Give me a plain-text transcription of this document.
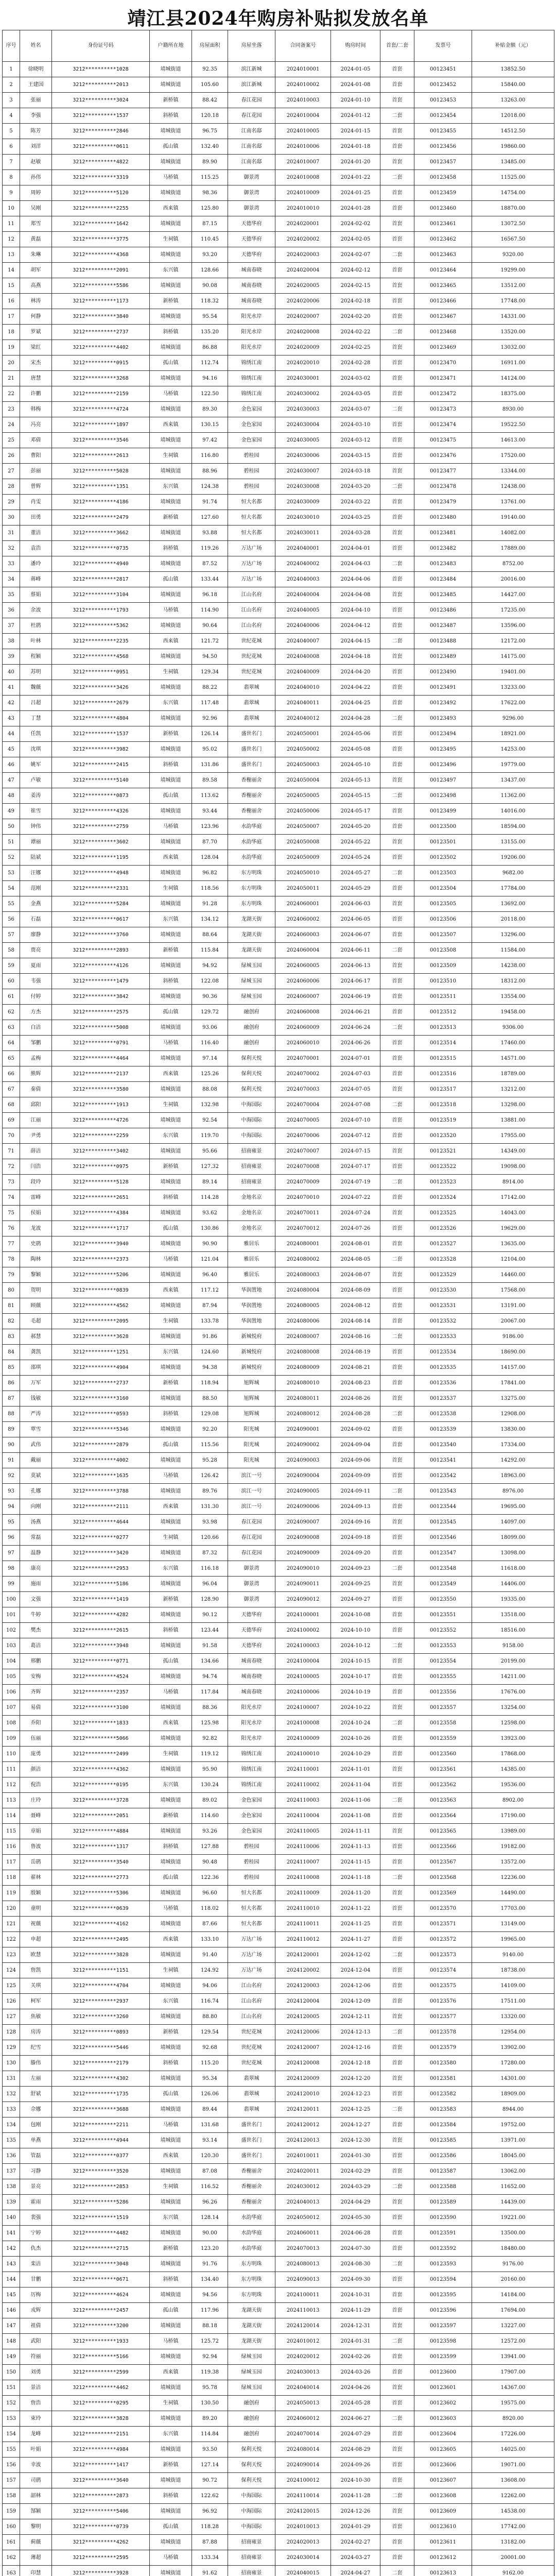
靖江县2024年购房补贴拟发放名单
序号	姓名	身份证号码	户籍所在地	房屋面积	房屋坐落	合同备案号	购房时间	首套/二套	发票号	补贴金额（元）
1	徐晓明	3212**********1028	靖城街道	92.35	滨江新城	2024010001	2024-01-05	首套	00123451	13852.50
2	王建国	3212**********2013	靖城街道	105.60	滨江新城	2024010002	2024-01-08	首套	00123452	15840.00
3	张丽	3212**********3024	新桥镇	88.42	春江花园	2024010003	2024-01-10	首套	00123453	13263.00
4	李强	3212**********1537	斜桥镇	120.18	春江花园	2024010004	2024-01-12	二套	00123454	12018.00
5	陈芳	3212**********2846	靖城街道	96.75	江南名邸	2024010005	2024-01-15	首套	00123455	14512.50
6	刘洋	3212**********0611	孤山镇	132.40	江南名邸	2024010006	2024-01-18	首套	00123456	19860.00
7	赵敏	3212**********4822	靖城街道	89.90	江南名邸	2024010007	2024-01-20	首套	00123457	13485.00
8	孙伟	3212**********3319	马桥镇	115.25	御景湾	2024010008	2024-01-22	二套	00123458	11525.00
9	周婷	3212**********5120	靖城街道	98.36	御景湾	2024010009	2024-01-25	首套	00123459	14754.00
10	吴刚	3212**********2255	西来镇	125.80	御景湾	2024010010	2024-01-28	首套	00123460	18870.00
11	郑雪	3212**********1642	靖城街道	87.15	天德华府	2024020001	2024-02-02	首套	00123461	13072.50
12	黄磊	3212**********3775	生祠镇	110.45	天德华府	2024020002	2024-02-05	首套	00123462	16567.50
13	朱琳	3212**********4368	靖城街道	93.20	天德华府	2024020003	2024-02-07	二套	00123463	9320.00
14	胡军	3212**********2091	东兴镇	128.66	城南春晓	2024020004	2024-02-12	首套	00123464	19299.00
15	高燕	3212**********5586	靖城街道	90.08	城南春晓	2024020005	2024-02-15	首套	00123465	13512.00
16	林涛	3212**********1173	新桥镇	118.32	城南春晓	2024020006	2024-02-18	首套	00123466	17748.00
17	何静	3212**********3840	靖城街道	95.54	阳光水岸	2024020007	2024-02-20	首套	00123467	14331.00
18	罗斌	3212**********2737	斜桥镇	135.20	阳光水岸	2024020008	2024-02-22	二套	00123468	13520.00
19	梁红	3212**********4402	靖城街道	86.88	阳光水岸	2024020009	2024-02-25	首套	00123469	13032.00
20	宋杰	3212**********0915	孤山镇	112.74	锦绣江南	2024020010	2024-02-28	首套	00123470	16911.00
21	唐慧	3212**********3268	靖城街道	94.16	锦绣江南	2024030001	2024-03-02	首套	00123471	14124.00
22	许鹏	3212**********2159	马桥镇	122.50	锦绣江南	2024030002	2024-03-05	首套	00123472	18375.00
23	韩梅	3212**********4724	靖城街道	89.30	金色家园	2024030003	2024-03-07	二套	00123473	8930.00
24	冯亮	3212**********1897	西来镇	130.15	金色家园	2024030004	2024-03-10	首套	00123474	19522.50
25	邓倩	3212**********3546	靖城街道	97.42	金色家园	2024030005	2024-03-12	首套	00123475	14613.00
26	曹阳	3212**********2613	生祠镇	116.80	碧桂园	2024030006	2024-03-15	首套	00123476	17520.00
27	彭丽	3212**********5028	靖城街道	88.96	碧桂园	2024030007	2024-03-18	首套	00123477	13344.00
28	曾辉	3212**********1351	东兴镇	124.38	碧桂园	2024030008	2024-03-20	二套	00123478	12438.00
29	肖雯	3212**********4186	靖城街道	91.74	恒大名都	2024030009	2024-03-22	首套	00123479	13761.00
30	田勇	3212**********2479	新桥镇	127.60	恒大名都	2024030010	2024-03-25	首套	00123480	19140.00
31	董洁	3212**********3662	靖城街道	93.88	恒大名都	2024030011	2024-03-28	首套	00123481	14082.00
32	袁浩	3212**********0735	斜桥镇	119.26	万达广场	2024040001	2024-04-01	首套	00123482	17889.00
33	潘玲	3212**********4940	靖城街道	87.52	万达广场	2024040002	2024-04-03	二套	00123483	8752.00
34	蒋峰	3212**********2817	孤山镇	133.44	万达广场	2024040003	2024-04-06	首套	00123484	20016.00
35	蔡娟	3212**********3104	靖城街道	96.18	江山名府	2024040004	2024-04-08	首套	00123485	14427.00
36	余波	3212**********1793	马桥镇	114.90	江山名府	2024040005	2024-04-10	首套	00123486	17235.00
37	杜鹃	3212**********5362	靖城街道	90.64	江山名府	2024040006	2024-04-12	首套	00123487	13596.00
38	叶林	3212**********2235	西来镇	121.72	世纪花城	2024040007	2024-04-15	二套	00123488	12172.00
39	程颖	3212**********4568	靖城街道	94.50	世纪花城	2024040008	2024-04-18	首套	00123489	14175.00
40	苏明	3212**********0951	生祠镇	129.34	世纪花城	2024040009	2024-04-20	首套	00123490	19401.00
41	魏薇	3212**********3426	靖城街道	88.22	翡翠城	2024040010	2024-04-22	首套	00123491	13233.00
42	吕超	3212**********2679	东兴镇	117.48	翡翠城	2024040011	2024-04-25	首套	00123492	17622.00
43	丁慧	3212**********4804	靖城街道	92.96	翡翠城	2024040012	2024-04-28	二套	00123493	9296.00
44	任凯	3212**********1537	新桥镇	126.14	盛世名门	2024050001	2024-05-06	首套	00123494	18921.00
45	沈琪	3212**********3982	靖城街道	95.02	盛世名门	2024050002	2024-05-08	首套	00123495	14253.00
46	姚军	3212**********2415	斜桥镇	131.86	盛世名门	2024050003	2024-05-10	首套	00123496	19779.00
47	卢敏	3212**********5140	靖城街道	89.58	香榭丽舍	2024050004	2024-05-13	首套	00123497	13437.00
48	姜涛	3212**********0873	孤山镇	113.62	香榭丽舍	2024050005	2024-05-15	二套	00123498	11362.00
49	崔雪	3212**********4326	靖城街道	93.44	香榭丽舍	2024050006	2024-05-17	首套	00123499	14016.00
50	钟伟	3212**********2759	马桥镇	123.96	水韵华庭	2024050007	2024-05-20	首套	00123500	18594.00
51	谭丽	3212**********3602	靖城街道	87.70	水韵华庭	2024050008	2024-05-22	首套	00123501	13155.00
52	陆斌	3212**********1195	西来镇	128.04	水韵华庭	2024050009	2024-05-24	首套	00123502	19206.00
53	汪娜	3212**********4948	靖城街道	96.82	东方明珠	2024050010	2024-05-27	二套	00123503	9682.00
54	范刚	3212**********2331	生祠镇	118.56	东方明珠	2024050011	2024-05-29	首套	00123504	17784.00
55	金燕	3212**********5284	靖城街道	91.28	东方明珠	2024060001	2024-06-03	首套	00123505	13692.00
56	石磊	3212**********0617	东兴镇	134.12	龙湖天街	2024060002	2024-06-05	首套	00123506	20118.00
57	廖静	3212**********3760	靖城街道	88.64	龙湖天街	2024060003	2024-06-07	首套	00123507	13296.00
58	贾亮	3212**********2893	新桥镇	115.84	龙湖天街	2024060004	2024-06-11	二套	00123508	11584.00
59	夏雨	3212**********4126	靖城街道	94.92	绿城玉园	2024060005	2024-06-13	首套	00123509	14238.00
60	韦强	3212**********1479	斜桥镇	122.08	绿城玉园	2024060006	2024-06-17	首套	00123510	18312.00
61	付婷	3212**********3842	靖城街道	90.36	绿城玉园	2024060007	2024-06-19	首套	00123511	13554.00
62	方杰	3212**********2575	孤山镇	129.72	融创府	2024060008	2024-06-21	首套	00123512	19458.00
63	白洁	3212**********5008	靖城街道	93.06	融创府	2024060009	2024-06-24	二套	00123513	9306.00
64	邹鹏	3212**********0791	马桥镇	116.40	融创府	2024060010	2024-06-26	首套	00123514	17460.00
65	孟梅	3212**********4464	靖城街道	97.14	保利天悦	2024070001	2024-07-01	首套	00123515	14571.00
66	熊辉	3212**********2137	西来镇	125.26	保利天悦	2024070002	2024-07-03	首套	00123516	18789.00
67	秦倩	3212**********3580	靖城街道	88.08	保利天悦	2024070003	2024-07-05	首套	00123517	13212.00
68	邱阳	3212**********1913	生祠镇	132.98	中海国际	2024070004	2024-07-08	二套	00123518	13298.00
69	江丽	3212**********4726	靖城街道	92.54	中海国际	2024070005	2024-07-10	首套	00123519	13881.00
70	尹勇	3212**********2259	东兴镇	119.70	中海国际	2024070006	2024-07-12	首套	00123520	17955.00
71	薛洁	3212**********3402	靖城街道	95.66	招商雍景	2024070007	2024-07-15	首套	00123521	14349.00
72	闫浩	3212**********0975	新桥镇	127.32	招商雍景	2024070008	2024-07-17	首套	00123522	19098.00
73	段玲	3212**********5128	靖城街道	89.14	招商雍景	2024070009	2024-07-19	二套	00123523	8914.00
74	雷峰	3212**********2651	斜桥镇	114.28	金地名京	2024070010	2024-07-22	首套	00123524	17142.00
75	侯娟	3212**********4384	靖城街道	93.62	金地名京	2024070011	2024-07-24	首套	00123525	14043.00
76	龙波	3212**********1717	孤山镇	130.86	金地名京	2024070012	2024-07-26	首套	00123526	19629.00
77	史鹃	3212**********3940	靖城街道	90.90	雅居乐	2024080001	2024-08-01	首套	00123527	13635.00
78	陶林	3212**********2373	马桥镇	121.04	雅居乐	2024080002	2024-08-05	二套	00123528	12104.00
79	黎颖	3212**********5206	靖城街道	96.40	雅居乐	2024080003	2024-08-07	首套	00123529	14460.00
80	贺明	3212**********0839	西来镇	117.12	华润置地	2024080004	2024-08-09	首套	00123530	17568.00
81	顾薇	3212**********4562	靖城街道	87.94	华润置地	2024080005	2024-08-12	首套	00123531	13191.00
82	毛超	3212**********2095	生祠镇	133.78	华润置地	2024080006	2024-08-14	首套	00123532	20067.00
83	郝慧	3212**********3628	靖城街道	91.86	新城悦府	2024080007	2024-08-16	二套	00123533	9186.00
84	龚凯	3212**********1251	东兴镇	124.60	新城悦府	2024080008	2024-08-19	首套	00123534	18690.00
85	邵琪	3212**********4904	靖城街道	94.38	新城悦府	2024080009	2024-08-21	首套	00123535	14157.00
86	万军	3212**********2737	新桥镇	118.94	旭辉城	2024080010	2024-08-23	首套	00123536	17841.00
87	钱敏	3212**********3160	靖城街道	88.50	旭辉城	2024080011	2024-08-26	首套	00123537	13275.00
88	严涛	3212**********0593	斜桥镇	129.08	旭辉城	2024080012	2024-08-28	二套	00123538	12908.00
89	覃雪	3212**********5346	靖城街道	92.20	阳光城	2024090001	2024-09-02	首套	00123539	13830.00
90	武伟	3212**********2879	孤山镇	115.56	阳光城	2024090002	2024-09-04	首套	00123540	17334.00
91	戴丽	3212**********4002	靖城街道	95.28	阳光城	2024090003	2024-09-06	首套	00123541	14292.00
92	莫斌	3212**********1635	马桥镇	126.42	滨江一号	2024090004	2024-09-09	首套	00123542	18963.00
93	孔娜	3212**********3788	靖城街道	89.76	滨江一号	2024090005	2024-09-11	二套	00123543	8976.00
94	向刚	3212**********2111	西来镇	131.30	滨江一号	2024090006	2024-09-13	首套	00123544	19695.00
95	汤燕	3212**********4644	靖城街道	93.98	春江花园	2024090007	2024-09-16	首套	00123545	14097.00
96	常磊	3212**********0277	生祠镇	120.66	春江花园	2024090008	2024-09-18	首套	00123546	18099.00
97	温静	3212**********3420	靖城街道	87.32	春江花园	2024090009	2024-09-20	首套	00123547	13098.00
98	康亮	3212**********2953	东兴镇	116.18	御景湾	2024090010	2024-09-23	二套	00123548	11618.00
99	施雨	3212**********5186	靖城街道	96.04	御景湾	2024090011	2024-09-25	首套	00123549	14406.00
100	文强	3212**********1419	新桥镇	128.90	御景湾	2024090012	2024-09-27	首套	00123550	19335.00
101	牛婷	3212**********4282	靖城街道	90.12	天德华府	2024100001	2024-10-08	首套	00123551	13518.00
102	樊杰	3212**********2615	斜桥镇	123.44	天德华府	2024100002	2024-10-10	首套	00123552	18516.00
103	葛洁	3212**********3948	靖城街道	91.58	天德华府	2024100003	2024-10-12	二套	00123553	9158.00
104	邢鹏	3212**********0771	孤山镇	134.66	城南春晓	2024100004	2024-10-15	首套	00123554	20199.00
105	安梅	3212**********4524	靖城街道	94.74	城南春晓	2024100005	2024-10-17	首套	00123555	14211.00
106	齐辉	3212**********2357	马桥镇	117.84	城南春晓	2024100006	2024-10-19	首套	00123556	17676.00
107	易倩	3212**********3100	靖城街道	88.36	阳光水岸	2024100007	2024-10-22	首套	00123557	13254.00
108	乔阳	3212**********1833	西来镇	125.98	阳光水岸	2024100008	2024-10-24	二套	00123558	12598.00
109	伍丽	3212**********5066	靖城街道	92.82	阳光水岸	2024100009	2024-10-26	首套	00123559	13923.00
110	庞勇	3212**********2499	生祠镇	119.12	锦绣江南	2024100010	2024-10-29	首套	00123560	17868.00
111	颜洁	3212**********4362	靖城街道	95.90	锦绣江南	2024110001	2024-11-01	首套	00123561	14385.00
112	倪浩	3212**********0195	东兴镇	130.24	锦绣江南	2024110002	2024-11-04	首套	00123562	19536.00
113	庄玲	3212**********3728	靖城街道	89.02	金色家园	2024110003	2024-11-06	二套	00123563	8902.00
114	聂峰	3212**********2051	新桥镇	114.60	金色家园	2024110004	2024-11-08	首套	00123564	17190.00
115	章娟	3212**********4884	靖城街道	93.26	金色家园	2024110005	2024-11-11	首套	00123565	13989.00
116	鲁波	3212**********1317	斜桥镇	127.88	碧桂园	2024110006	2024-11-13	首套	00123566	19182.00
117	岳鹃	3212**********3540	靖城街道	90.48	碧桂园	2024110007	2024-11-15	首套	00123567	13572.00
118	翟林	3212**********2773	孤山镇	122.36	碧桂园	2024110008	2024-11-18	二套	00123568	12236.00
119	殷颖	3212**********5306	靖城街道	96.60	恒大名都	2024110009	2024-11-20	首套	00123569	14490.00
120	童明	3212**********0639	马桥镇	118.02	恒大名都	2024110010	2024-11-22	首套	00123570	17703.00
121	祝薇	3212**********4162	靖城街道	87.66	恒大名都	2024110011	2024-11-25	首套	00123571	13149.00
122	申超	3212**********2495	西来镇	133.10	万达广场	2024110012	2024-11-27	首套	00123572	19965.00
123	欧慧	3212**********3828	靖城街道	91.40	万达广场	2024120001	2024-12-02	二套	00123573	9140.00
124	詹凯	3212**********1151	生祠镇	124.92	万达广场	2024120002	2024-12-04	首套	00123574	18738.00
125	关琪	3212**********4704	靖城街道	94.06	江山名府	2024120003	2024-12-06	首套	00123575	14109.00
126	柯军	3212**********2937	东兴镇	116.74	江山名府	2024120004	2024-12-09	首套	00123576	17511.00
127	焦敏	3212**********3260	靖城街道	88.80	江山名府	2024120005	2024-12-11	首套	00123577	13320.00
128	房涛	3212**********0893	新桥镇	129.54	世纪花城	2024120006	2024-12-13	二套	00123578	12954.00
129	纪雪	3212**********5446	靖城街道	92.68	世纪花城	2024120007	2024-12-16	首套	00123579	13902.00
130	滕伟	3212**********2179	斜桥镇	115.20	世纪花城	2024120008	2024-12-18	首套	00123580	17280.00
131	左丽	3212**********4302	靖城街道	95.34	翡翠城	2024120009	2024-12-20	首套	00123581	14301.00
132	舒斌	3212**********1735	孤山镇	126.06	翡翠城	2024120010	2024-12-23	首套	00123582	18909.00
133	佘娜	3212**********3688	靖城街道	89.44	翡翠城	2024120011	2024-12-25	二套	00123583	8944.00
134	包刚	3212**********2211	马桥镇	131.68	盛世名门	2024120012	2024-12-27	首套	00123584	19752.00
135	单燕	3212**********4944	靖城街道	93.14	盛世名门	2024120013	2024-12-30	首套	00123585	13971.00
136	管磊	3212**********0377	西来镇	120.30	盛世名门	2024010011	2024-01-30	首套	00123586	18045.00
137	习静	3212**********3520	靖城街道	87.08	香榭丽舍	2024020011	2024-02-29	首套	00123587	13062.00
138	景亮	3212**********2853	生祠镇	116.52	香榭丽舍	2024030012	2024-03-29	二套	00123588	11652.00
139	霍雨	3212**********5286	靖城街道	96.26	香榭丽舍	2024040013	2024-04-29	首套	00123589	14439.00
140	裴强	3212**********1519	东兴镇	128.14	水韵华庭	2024050012	2024-05-30	首套	00123590	19221.00
141	宁婷	3212**********4482	靖城街道	90.00	水韵华庭	2024060011	2024-06-28	首套	00123591	13500.00
142	仇杰	3212**********2715	新桥镇	123.20	水韵华庭	2024070013	2024-07-30	首套	00123592	18480.00
143	栾洁	3212**********3048	靖城街道	91.76	东方明珠	2024080013	2024-08-30	二套	00123593	9176.00
144	甘鹏	3212**********0671	斜桥镇	134.40	东方明珠	2024090013	2024-09-30	首套	00123594	20160.00
145	厉梅	3212**********4624	靖城街道	94.56	东方明珠	2024100011	2024-10-31	首套	00123595	14184.00
146	戎辉	3212**********2457	孤山镇	117.96	龙湖天街	2024110013	2024-11-29	首套	00123596	17694.00
147	祖倩	3212**********3200	靖城街道	88.18	龙湖天街	2024120014	2024-12-31	首套	00123597	13227.00
148	武阳	3212**********1933	马桥镇	125.72	龙湖天街	2024010012	2024-01-31	二套	00123598	12572.00
149	符丽	3212**********5166	靖城街道	92.94	绿城玉园	2024020012	2024-02-26	首套	00123599	13941.00
150	刘勇	3212**********2599	西来镇	119.38	绿城玉园	2024030013	2024-03-26	首套	00123600	17907.00
151	景洁	3212**********4462	靖城街道	95.78	绿城玉园	2024040014	2024-04-26	首套	00123601	14367.00
152	詹浩	3212**********0295	生祠镇	130.50	融创府	2024050013	2024-05-28	首套	00123602	19575.00
153	束玲	3212**********3828	靖城街道	89.20	融创府	2024060012	2024-06-27	二套	00123603	8920.00
154	龙峰	3212**********2151	东兴镇	114.84	融创府	2024070014	2024-07-29	首套	00123604	17226.00
155	叶娟	3212**********4984	靖城街道	93.50	保利天悦	2024080014	2024-08-29	首套	00123605	14025.00
156	幸波	3212**********1417	新桥镇	127.14	保利天悦	2024090014	2024-09-26	首套	00123606	19071.00
157	司鹃	3212**********3640	靖城街道	90.72	保利天悦	2024100012	2024-10-30	首套	00123607	13608.00
158	韶林	3212**********2873	斜桥镇	122.62	中海国际	2024110014	2024-11-28	二套	00123608	12262.00
159	郜颖	3212**********5406	靖城街道	96.92	中海国际	2024120015	2024-12-26	首套	00123609	14538.00
160	黎明	3212**********0739	孤山镇	118.28	中海国际	2024010013	2024-01-29	首套	00123610	17742.00
161	蓟薇	3212**********4262	靖城街道	87.88	招商雍景	2024020013	2024-02-27	首套	00123611	13182.00
162	薄超	3212**********2595	马桥镇	133.34	招商雍景	2024030014	2024-03-27	首套	00123612	20001.00
163	印慧	3212**********3928	靖城街道	91.62	招商雍景	2024040015	2024-04-27	二套	00123613	9162.00
